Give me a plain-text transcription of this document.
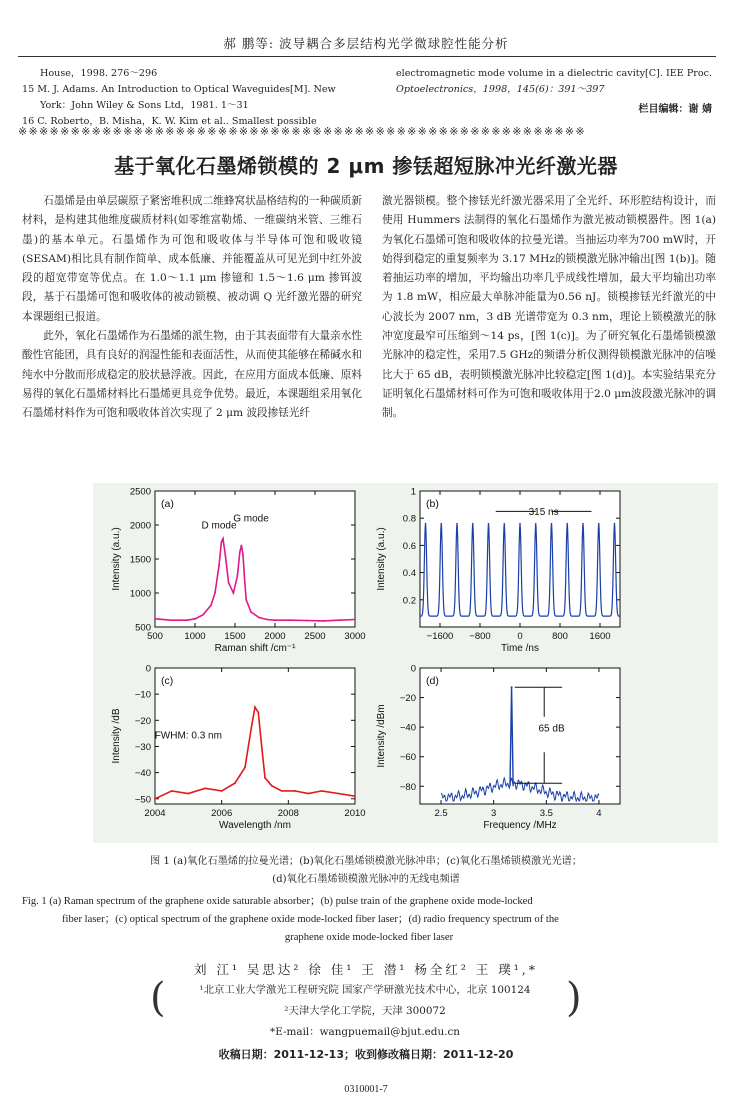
郝 鹏等: 波导耦合多层结构光学微球腔性能分析
House，1998. 276～296
15 M. J. Adams. An Introduction to Optical Waveguides[M]. New
York：John Wiley & Sons Ltd，1981. 1～31
16 C. Roberto，B. Misha，K. W. Kim et al.. Smallest possible
electromagnetic mode volume in a dielectric cavity[C]. IEE Proc.
Optoelectronics，1998，145(6)：391～397
栏目编辑：谢 婧
※※※※※※※※※※※※※※※※※※※※※※※※※※※※※※※※※※※※※※※※※※※※※※※※※※※※※※
基于氧化石墨烯锁模的 2 μm 掺铥超短脉冲光纤激光器

石墨烯是由单层碳原子紧密堆积成二维蜂窝状晶格结构的一种碳质新材料，是构建其他维度碳质材料(如零维富勒烯、一维碳纳米管、三维石墨)的基本单元。石墨烯作为可饱和吸收体与半导体可饱和吸收镜(SESAM)相比具有制作简单、成本低廉、并能覆盖从可见光到中红外波段的超宽带宽等优点。在 1.0～1.1 μm 掺镱和 1.5～1.6 μm 掺铒波段，基于石墨烯可饱和吸收体的被动锁模、被动调 Q 光纤激光器的研究本课题组已报道。

此外，氧化石墨烯作为石墨烯的派生物，由于其表面带有大量亲水性酸性官能团，具有良好的润湿性能和表面活性，从而使其能够在稀碱水和纯水中分散而形成稳定的胶状悬浮液。因此，在应用方面成本低廉、原料易得的氧化石墨烯材料比石墨烯更具竞争优势。最近，本课题组采用氧化石墨烯材料作为可饱和吸收体首次实现了 2 μm 波段掺铥光纤

激光器锁模。整个掺铥光纤激光器采用了全光纤、环形腔结构设计，而使用 Hummers 法制得的氧化石墨烯作为激光被动锁模器件。图 1(a)为氧化石墨烯可饱和吸收体的拉曼光谱。当抽运功率为700 mW时，开始得到稳定的重复频率为 3.17 MHz的锁模激光脉冲输出[图 1(b)]。随着抽运功率的增加，平均输出功率几乎成线性增加，最大平均输出功率为 1.8 mW，相应最大单脉冲能量为0.56 nJ。锁模掺铥光纤激光的中心波长为 2007 nm，3 dB 光谱带宽为 0.3 nm，理论上锁模激光的脉冲宽度最窄可压缩到～14 ps，[图 1(c)]。为了研究氧化石墨烯锁模激光脉冲的稳定性，采用7.5 GHz的频谱分析仪测得锁模激光脉冲的信噪比大于 65 dB，表明锁模激光脉冲比较稳定[图 1(d)]。本实验结果充分证明氧化石墨烯材料可作为可饱和吸收体用于2.0 μm波段激光脉冲的调制。

500 1000 1500 2000 2500 3000
500
1000
1500
2000
2500
Raman shift /cm⁻¹
Intensity (a.u.)
(a)
D mode
G mode
−1600 −800	0	800 1600
0.2
0.4
0.6
0.8
1
Time /ns
Intensity (a.u.)
(b)
315 ns
2004	2006	2008	2010
0
−10
−20
−30
−40
−50
Wavelength /nm
Intensity /dB
(c)
FWHM: 0.3 nm
2.5	3	3.5	4
0
−20
−40
−60
−80
Frequency /MHz
Intensity /dBm
(d)
65 dB
图 1 (a)氧化石墨烯的拉曼光谱；(b)氧化石墨烯锁模激光脉冲串；(c)氧化石墨烯锁模激光光谱；
(d)氧化石墨烯锁模激光脉冲的无线电频谱
Fig. 1 (a) Raman spectrum of the graphene oxide saturable absorber；(b) pulse train of the graphene oxide mode-locked
fiber laser；(c) optical spectrum of the graphene oxide mode-locked fiber laser；(d) radio frequency spectrum of the
graphene oxide mode-locked fiber laser
刘 江¹ 吴思达² 徐 佳¹ 王 潜¹ 杨全红² 王 璞¹,*
(	)
¹北京工业大学激光工程研究院 国家产学研激光技术中心，北京 100124
²天津大学化工学院，天津 300072
*E-mail：wangpuemail@bjut.edu.cn
收稿日期：2011-12-13；收到修改稿日期：2011-12-20
0310001-7
